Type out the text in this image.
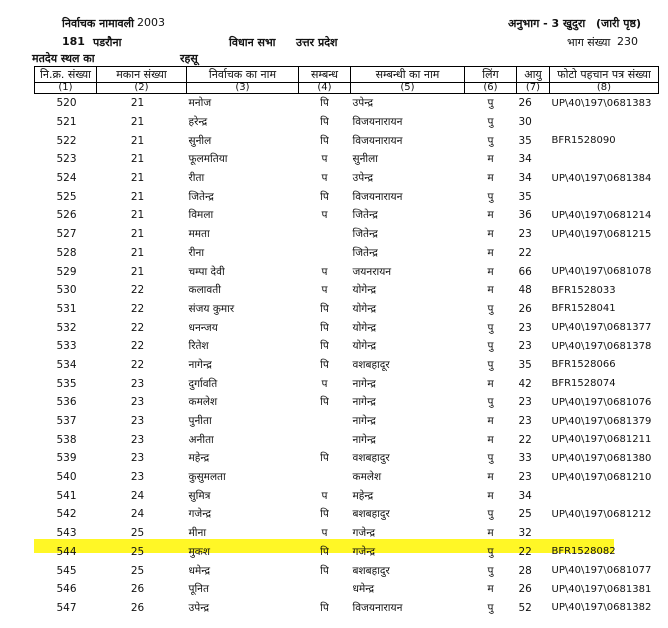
निर्वाचक नामावली 2003	अनुभाग - 3 खुदुरा (जारी पृष्ठ)
181 पडरौना	विधान सभा उत्तर प्रदेश	भाग संख्या 230
मतदेय स्थल का	रहसू
नि.क्र. संख्या	मकान संख्या	निर्वाचक का नाम	सम्बन्ध	सम्बन्धी का नाम	लिंग	आयु	फोटो पहचान पत्र संख्या
(1)	(2)	(3)	(4)	(5)	(6)	(7)	(8)
520	21	मनोज	पि	उपेन्द्र	पु	26	UP\40\197\0681383
521	21	हरेन्द्र	पि	विजयनारायन	पु	30	
522	21	सुनील	पि	विजयनारायन	पु	35	BFR1528090
523	21	फूलमतिया	प	सुनीला	म	34	
524	21	रीता	प	उपेन्द्र	म	34	UP\40\197\0681384
525	21	जितेन्द्र	पि	विजयनारायन	पु	35	
526	21	विमला	प	जितेन्द्र	म	36	UP\40\197\0681214
527	21	ममता		जितेन्द्र	म	23	UP\40\197\0681215
528	21	रीना		जितेन्द्र	म	22	
529	21	चम्पा देवी	प	जयनरायन	म	66	UP\40\197\0681078
530	22	कलावती	प	योगेन्द्र	म	48	BFR1528033
531	22	संजय कुमार	पि	योगेन्द्र	पु	26	BFR1528041
532	22	धनन्जय	पि	योगेन्द्र	पु	23	UP\40\197\0681377
533	22	रितेश	पि	योगेन्द्र	पु	23	UP\40\197\0681378
534	22	नागेन्द्र	पि	वशबहादूर	पु	35	BFR1528066
535	23	दुर्गावति	प	नागेन्द्र	म	42	BFR1528074
536	23	कमलेश	पि	नागेन्द्र	पु	23	UP\40\197\0681076
537	23	पुनीता		नागेन्द्र	म	23	UP\40\197\0681379
538	23	अनीता		नागेन्द्र	म	22	UP\40\197\0681211
539	23	महेन्द्र	पि	वशबहादुर	पु	33	UP\40\197\0681380
540	23	कुसुमलता		कमलेश	म	23	UP\40\197\0681210
541	24	सुमित्र	प	महेन्द्र	म	34	
542	24	गजेन्द्र	पि	बशबहादुर	पु	25	UP\40\197\0681212
543	25	मीना	प	गजेन्द्र	म	32	
544	25	मुकश	पि	गजेन्द्र	पु	22	BFR1528082
545	25	धमेन्द्र	पि	बशबहादुर	पु	28	UP\40\197\0681077
546	26	पूनित		धमेन्द्र	म	26	UP\40\197\0681381
547	26	उपेन्द्र	पि	विजयनारायन	पु	52	UP\40\197\0681382
